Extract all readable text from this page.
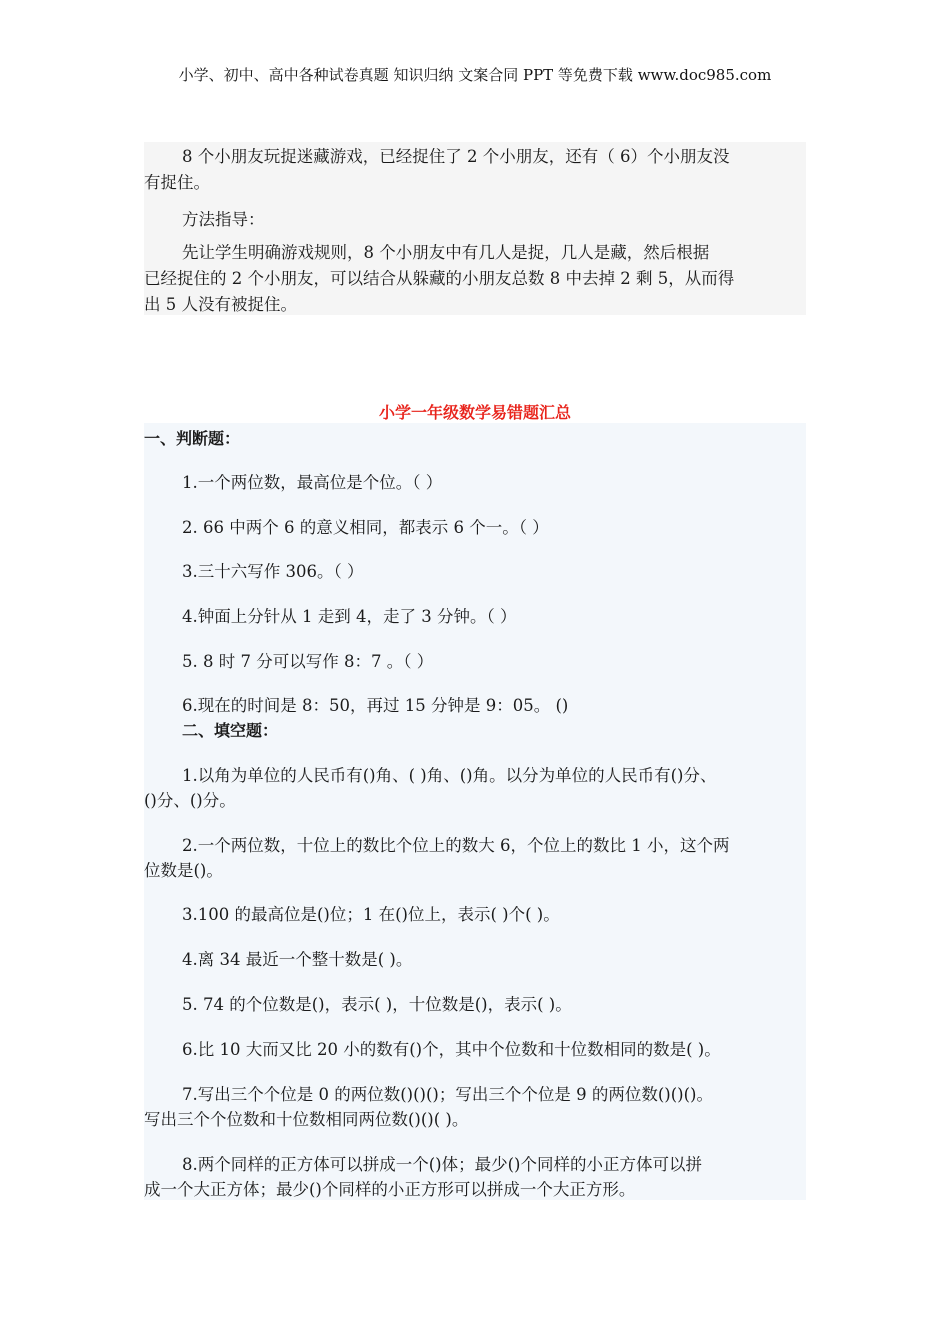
小学、初中、高中各种试卷真题 知识归纳 文案合同 PPT 等免费下载 www.doc985.com
8 个小朋友玩捉迷藏游戏，已经捉住了 2 个小朋友，还有（ 6）个小朋友没
有捉住。
方法指导：
先让学生明确游戏规则，8 个小朋友中有几人是捉，几人是藏，然后根据
已经捉住的 2 个小朋友，可以结合从躲藏的小朋友总数 8 中去掉 2 剩 5，从而得
出 5 人没有被捉住。
小学一年级数学易错题汇总
一、判断题：
1.一个两位数，最高位是个位。（ ）
2. 66 中两个 6 的意义相同，都表示 6 个一。（ ）
3.三十六写作 306。（ ）
4.钟面上分针从 1 走到 4，走了 3 分钟。（ ）
5. 8 时 7 分可以写作 8：7 。（ ）
6.现在的时间是 8：50，再过 15 分钟是 9：05。 ()
二、填空题：
1.以角为单位的人民币有()角、( )角、()角。以分为单位的人民币有()分、
()分、()分。
2.一个两位数，十位上的数比个位上的数大 6，个位上的数比 1 小，这个两
位数是()。
3.100 的最高位是()位；1 在()位上，表示( )个( )。
4.离 34 最近一个整十数是( )。
5. 74 的个位数是()，表示( )，十位数是()，表示( )。
6.比 10 大而又比 20 小的数有()个，其中个位数和十位数相同的数是( )。
7.写出三个个位是 0 的两位数()()()；写出三个个位是 9 的两位数()()()。
写出三个个位数和十位数相同两位数()()( )。
8.两个同样的正方体可以拼成一个()体；最少()个同样的小正方体可以拼
成一个大正方体；最少()个同样的小正方形可以拼成一个大正方形。
